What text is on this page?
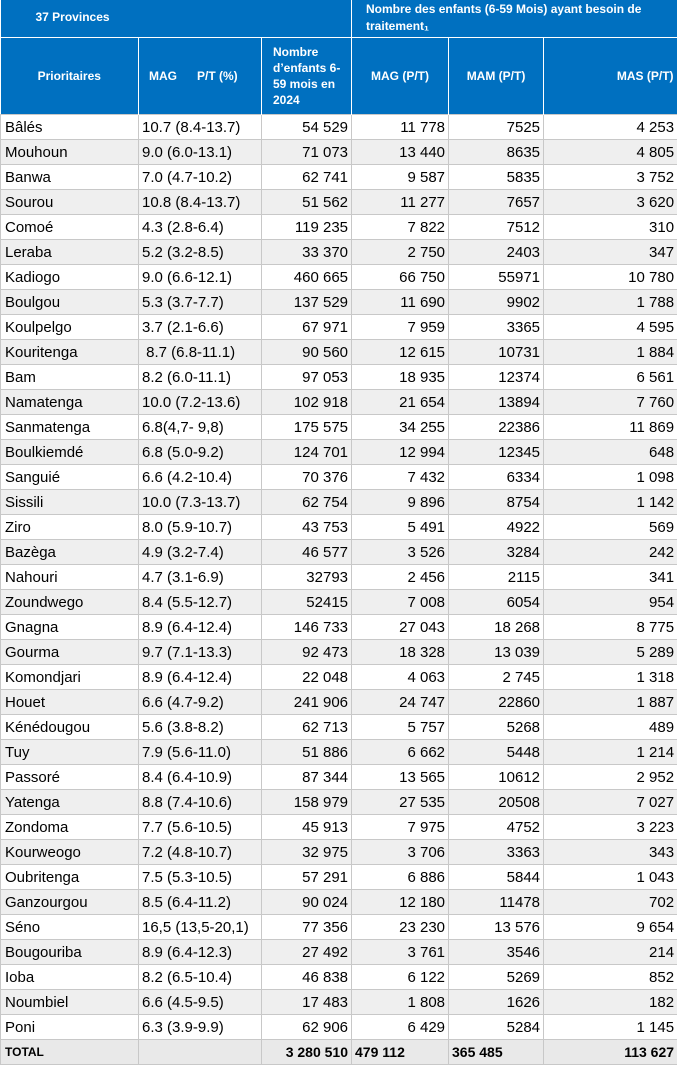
37 Provinces			Nombre des enfants (6-59 Mois) ayant besoin de traitement₁		
Prioritaires	MAG      P/T (%)	Nombre d’enfants 6-59 mois en 2024	MAG (P/T)	MAM (P/T)	MAS (P/T)
Bâlés	10.7 (8.4-13.7)	54 529	11 778	7525	4 253
Mouhoun	9.0 (6.0-13.1)	71 073	13 440	8635	4 805
Banwa	7.0 (4.7-10.2)	62 741	9 587	5835	3 752
Sourou	10.8 (8.4-13.7)	51 562	11 277	7657	3 620
Comoé	4.3 (2.8-6.4)	119 235	7 822	7512	310
Leraba	5.2 (3.2-8.5)	33 370	2 750	2403	347
Kadiogo	9.0 (6.6-12.1)	460 665	66 750	55971	10 780
Boulgou	5.3 (3.7-7.7)	137 529	11 690	9902	1 788
Koulpelgo	3.7 (2.1-6.6)	67 971	7 959	3365	4 595
Kouritenga	8.7 (6.8-11.1)	90 560	12 615	10731	1 884
Bam	8.2 (6.0-11.1)	97 053	18 935	12374	6 561
Namatenga	10.0 (7.2-13.6)	102 918	21 654	13894	7 760
Sanmatenga	6.8(4,7- 9,8)	175 575	34 255	22386	11 869
Boulkiemdé	6.8 (5.0-9.2)	124 701	12 994	12345	648
Sanguié	6.6 (4.2-10.4)	70 376	7 432	6334	1 098
Sissili	10.0 (7.3-13.7)	62 754	9 896	8754	1 142
Ziro	8.0 (5.9-10.7)	43 753	5 491	4922	569
Bazèga	4.9 (3.2-7.4)	46 577	3 526	3284	242
Nahouri	4.7 (3.1-6.9)	32793	2 456	2115	341
Zoundwego	8.4 (5.5-12.7)	52415	7 008	6054	954
Gnagna	8.9 (6.4-12.4)	146 733	27 043	18 268	8 775
Gourma	9.7 (7.1-13.3)	92 473	18 328	13 039	5 289
Komondjari	8.9 (6.4-12.4)	22 048	4 063	2 745	1 318
Houet	6.6 (4.7-9.2)	241 906	24 747	22860	1 887
Kénédougou	5.6 (3.8-8.2)	62 713	5 757	5268	489
Tuy	7.9 (5.6-11.0)	51 886	6 662	5448	1 214
Passoré	8.4 (6.4-10.9)	87 344	13 565	10612	2 952
Yatenga	8.8 (7.4-10.6)	158 979	27 535	20508	7 027
Zondoma	7.7 (5.6-10.5)	45 913	7 975	4752	3 223
Kourweogo	7.2 (4.8-10.7)	32 975	3 706	3363	343
Oubritenga	7.5 (5.3-10.5)	57 291	6 886	5844	1 043
Ganzourgou	8.5 (6.4-11.2)	90 024	12 180	11478	702
Séno	16,5 (13,5-20,1)	77 356	23 230	13 576	9 654
Bougouriba	8.9 (6.4-12.3)	27 492	3 761	3546	214
Ioba	8.2 (6.5-10.4)	46 838	6 122	5269	852
Noumbiel	6.6 (4.5-9.5)	17 483	1 808	1626	182
Poni	6.3 (3.9-9.9)	62 906	6 429	5284	1 145
TOTAL		3 280 510	479 112	365 485	113 627
